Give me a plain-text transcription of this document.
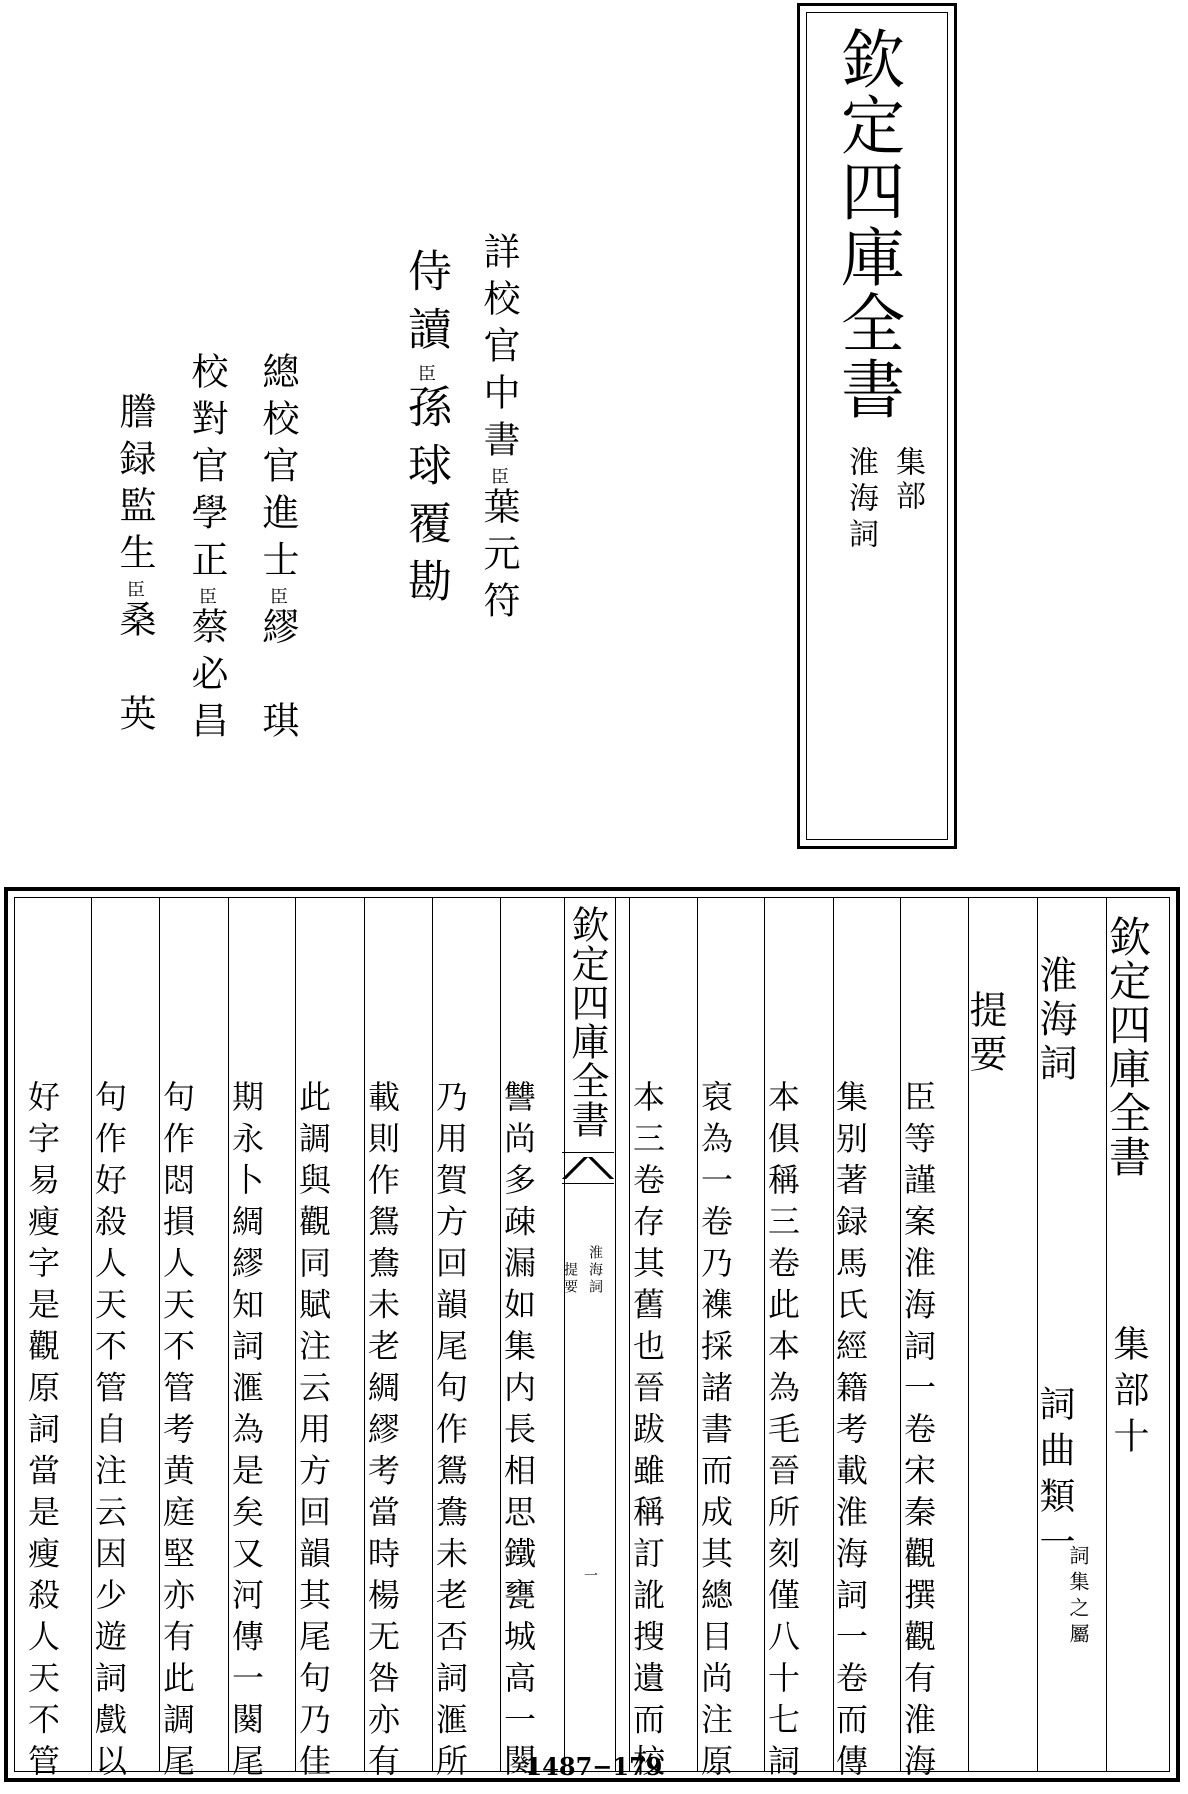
欽定四庫全書
集部
淮海詞
詳校官中書臣葉元符
侍讀臣孫球覆勘
總校官進士臣繆　琪
校對官學正臣蔡必昌
謄録監生臣桑　英
欽定四庫全書
集部十
淮海詞
詞曲類一
詞集之屬
提要
臣等謹案淮海詞一卷宋秦觀撰觀有淮海
集别著録馬氏經籍考載淮海詞一卷而傳
本俱稱三卷此本為毛晉所刻僅八十七詞
裒為一卷乃襍採諸書而成其總目尚注原
本三卷存其舊也晉跋雖稱訂訛搜遺而校
讐尚多疎漏如集内長相思鐵甕城高一闋
乃用賀方回韻尾句作鴛鴦未老否詞滙所
載則作鴛鴦未老綢繆考當時楊无咎亦有
此調與觀同賦注云用方回韻其尾句乃佳
期永卜綢繆知詞滙為是矣又河傳一闋尾
句作悶損人天不管考黄庭堅亦有此調尾
句作好殺人天不管自注云因少遊詞戲以
好字易瘦字是觀原詞當是瘦殺人天不管
欽定四庫全書
淮海詞
提要
一
1487−179
